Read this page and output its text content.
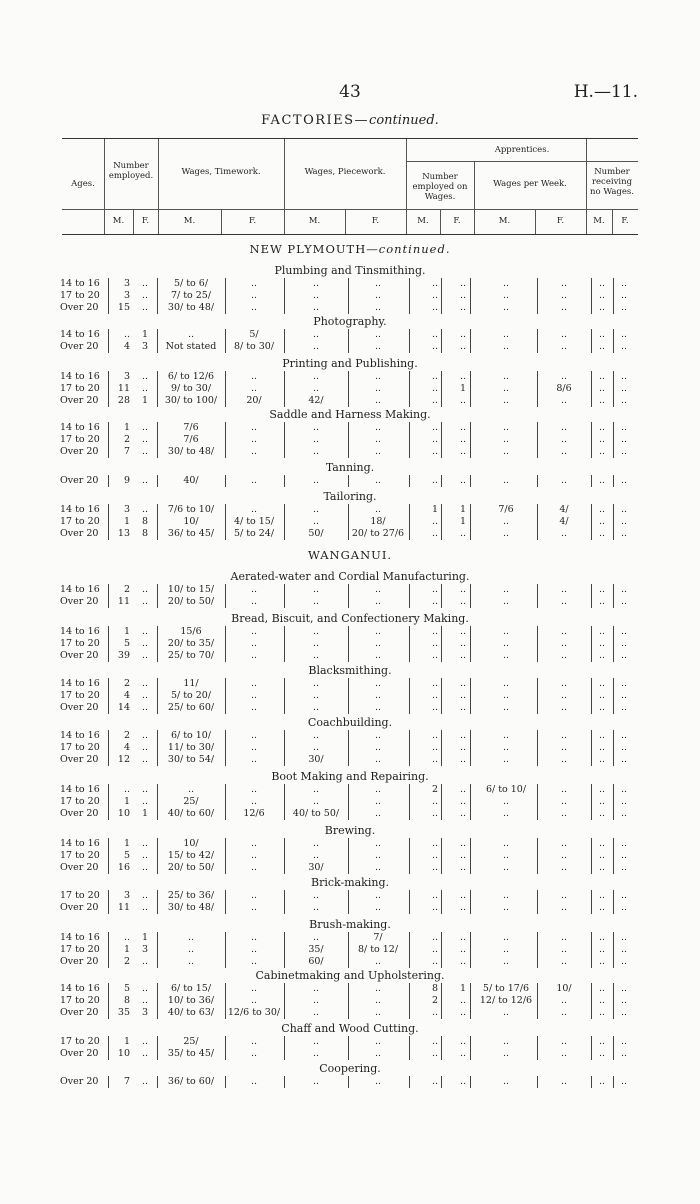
43	H.—11.
FACTORIES—continued.
Ages.
Number employed.	Wages, Timework.	Wages, Piecework.
Apprentices.
Number employed on Wages.
Wages per Week.
Number receiving no Wages.
M.	F.	M.	F.	M.	F.	M.	F.	M.	F.	M.	F.
NEW PLYMOUTH—continued.
Plumbing and Tinsmithing.
14 to 16	3	..	5/ to 6/	..	..	..	..	..	..	..	..	..
17 to 20	3	..	7/ to 25/	..	..	..	..	..	..	..	..	..
Over 20	15	..	30/ to 48/	..	..	..	..	..	..	..	..	..
Photography.
14 to 16	..	1	..	5/	..	..	..	..	..	..	..	..
Over 20	4	3	Not stated	8/ to 30/	..	..	..	..	..	..	..	..
Printing and Publishing.
14 to 16	3	..	6/ to 12/6	..	..	..	..	..	..	..	..	..
17 to 20	11	..	9/ to 30/	..	..	..	..	1	..	8/6	..	..
Over 20	28	1	30/ to 100/	20/	42/	..	..	..	..	..	..	..
Saddle and Harness Making.
14 to 16	1	..	7/6	..	..	..	..	..	..	..	..	..
17 to 20	2	..	7/6	..	..	..	..	..	..	..	..	..
Over 20	7	..	30/ to 48/	..	..	..	..	..	..	..	..	..
Tanning.
Over 20	9	..	40/	..	..	..	..	..	..	..	..	..
Tailoring.
14 to 16	3	..	7/6 to 10/	..	..	..	1	1	7/6	4/	..	..
17 to 20	1	8	10/	4/ to 15/	..	18/	..	1	..	4/	..	..
Over 20	13	8	36/ to 45/	5/ to 24/	50/	20/ to 27/6	..	..	..	..	..	..
WANGANUI.
Aerated-water and Cordial Manufacturing.
14 to 16	2	..	10/ to 15/	..	..	..	..	..	..	..	..	..
Over 20	11	..	20/ to 50/	..	..	..	..	..	..	..	..	..
Bread, Biscuit, and Confectionery Making.
14 to 16	1	..	15/6	..	..	..	..	..	..	..	..	..
17 to 20	5	..	20/ to 35/	..	..	..	..	..	..	..	..	..
Over 20	39	..	25/ to 70/	..	..	..	..	..	..	..	..	..
Blacksmithing.
14 to 16	2	..	11/	..	..	..	..	..	..	..	..	..
17 to 20	4	..	5/ to 20/	..	..	..	..	..	..	..	..	..
Over 20	14	..	25/ to 60/	..	..	..	..	..	..	..	..	..
Coachbuilding.
14 to 16	2	..	6/ to 10/	..	..	..	..	..	..	..	..	..
17 to 20	4	..	11/ to 30/	..	..	..	..	..	..	..	..	..
Over 20	12	..	30/ to 54/	..	30/	..	..	..	..	..	..	..
Boot Making and Repairing.
14 to 16	..	..	..	..	..	..	2	..	6/ to 10/	..	..	..
17 to 20	1	..	25/	..	..	..	..	..	..	..	..	..
Over 20	10	1	40/ to 60/	12/6	40/ to 50/	..	..	..	..	..	..	..
Brewing.
14 to 16	1	..	10/	..	..	..	..	..	..	..	..	..
17 to 20	5	..	15/ to 42/	..	..	..	..	..	..	..	..	..
Over 20	16	..	20/ to 50/	..	30/	..	..	..	..	..	..	..
Brick-making.
17 to 20	3	..	25/ to 36/	..	..	..	..	..	..	..	..	..
Over 20	11	..	30/ to 48/	..	..	..	..	..	..	..	..	..
Brush-making.
14 to 16	..	1	..	..	..	7/	..	..	..	..	..	..
17 to 20	1	3	..	..	35/	8/ to 12/	..	..	..	..	..	..
Over 20	2	..	..	..	60/	..	..	..	..	..	..	..
Cabinetmaking and Upholstering.
14 to 16	5	..	6/ to 15/	..	..	..	8	1	5/ to 17/6	10/	..	..
17 to 20	8	..	10/ to 36/	..	..	..	2	..	12/ to 12/6	..	..	..
Over 20	35	3	40/ to 63/	12/6 to 30/	..	..	..	..	..	..	..	..
Chaff and Wood Cutting.
17 to 20	1	..	25/	..	..	..	..	..	..	..	..	..
Over 20	10	..	35/ to 45/	..	..	..	..	..	..	..	..	..
Coopering.
Over 20	7	..	36/ to 60/	..	..	..	..	..	..	..	..	..
